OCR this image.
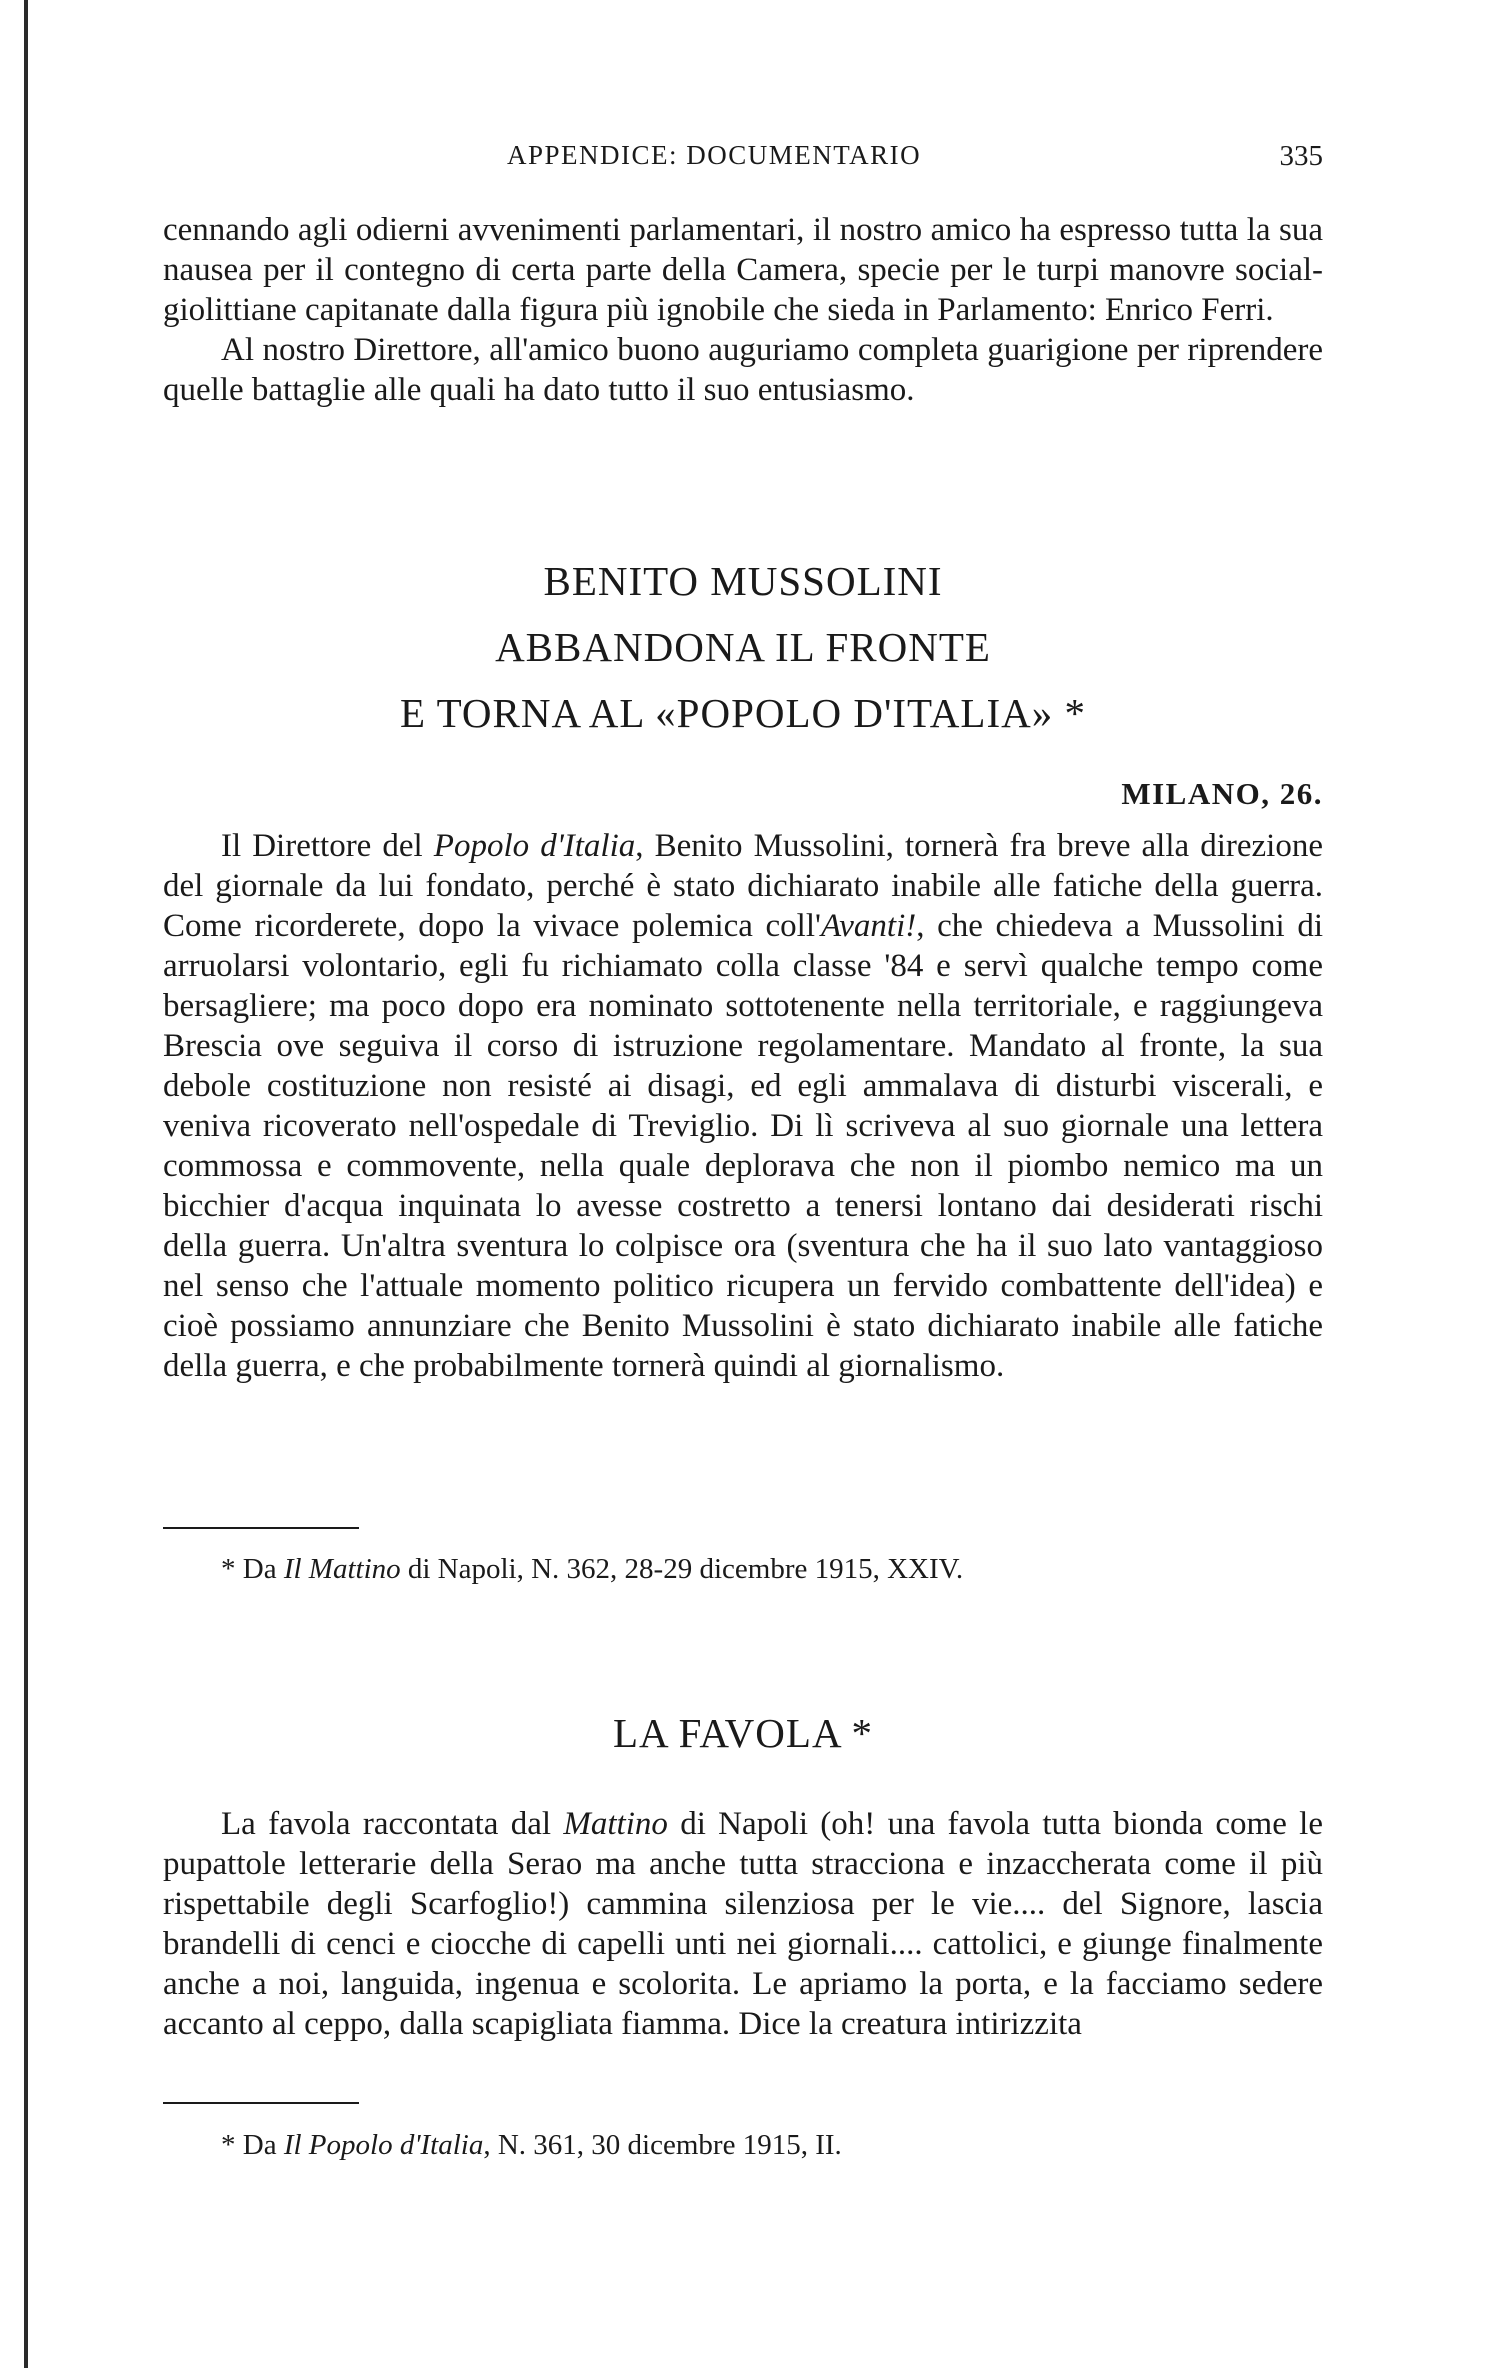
APPENDICE: DOCUMENTARIO	335

cennando agli odierni avvenimenti parlamentari, il nostro amico ha espresso tutta la sua nausea per il contegno di certa parte della Camera, specie per le turpi manovre social-giolittiane capitanate dalla figura più ignobile che sieda in Parlamento: Enrico Ferri.

Al nostro Direttore, all'amico buono auguriamo completa guarigione per riprendere quelle battaglie alle quali ha dato tutto il suo entusiasmo.

BENITO MUSSOLINI
ABBANDONA IL FRONTE
E TORNA AL «POPOLO D'ITALIA» *
MILANO, 26.

Il Direttore del Popolo d'Italia, Benito Mussolini, tornerà fra breve alla direzione del giornale da lui fondato, perché è stato dichiarato inabile alle fatiche della guerra. Come ricorderete, dopo la vivace polemica coll'Avanti!, che chiedeva a Mussolini di arruolarsi volontario, egli fu richiamato colla classe '84 e servì qualche tempo come bersagliere; ma poco dopo era nominato sottotenente nella territoriale, e raggiungeva Brescia ove seguiva il corso di istruzione regolamentare. Mandato al fronte, la sua debole costituzione non resisté ai disagi, ed egli ammalava di disturbi viscerali, e veniva ricoverato nell'ospedale di Treviglio. Di lì scriveva al suo giornale una lettera commossa e commovente, nella quale deplorava che non il piombo nemico ma un bicchier d'acqua inquinata lo avesse costretto a tenersi lontano dai desiderati rischi della guerra. Un'altra sventura lo colpisce ora (sventura che ha il suo lato vantaggioso nel senso che l'attuale momento politico ricupera un fervido combattente dell'idea) e cioè possiamo annunziare che Benito Mussolini è stato dichiarato inabile alle fatiche della guerra, e che probabilmente tornerà quindi al giornalismo.

* Da Il Mattino di Napoli, N. 362, 28-29 dicembre 1915, XXIV.
LA FAVOLA *

La favola raccontata dal Mattino di Napoli (oh! una favola tutta bionda come le pupattole letterarie della Serao ma anche tutta stracciona e inzaccherata come il più rispettabile degli Scarfoglio!) cammina silenziosa per le vie.... del Signore, lascia brandelli di cenci e ciocche di capelli unti nei giornali.... cattolici, e giunge finalmente anche a noi, languida, ingenua e scolorita. Le apriamo la porta, e la facciamo sedere accanto al ceppo, dalla scapigliata fiamma. Dice la creatura intirizzita

* Da Il Popolo d'Italia, N. 361, 30 dicembre 1915, II.
